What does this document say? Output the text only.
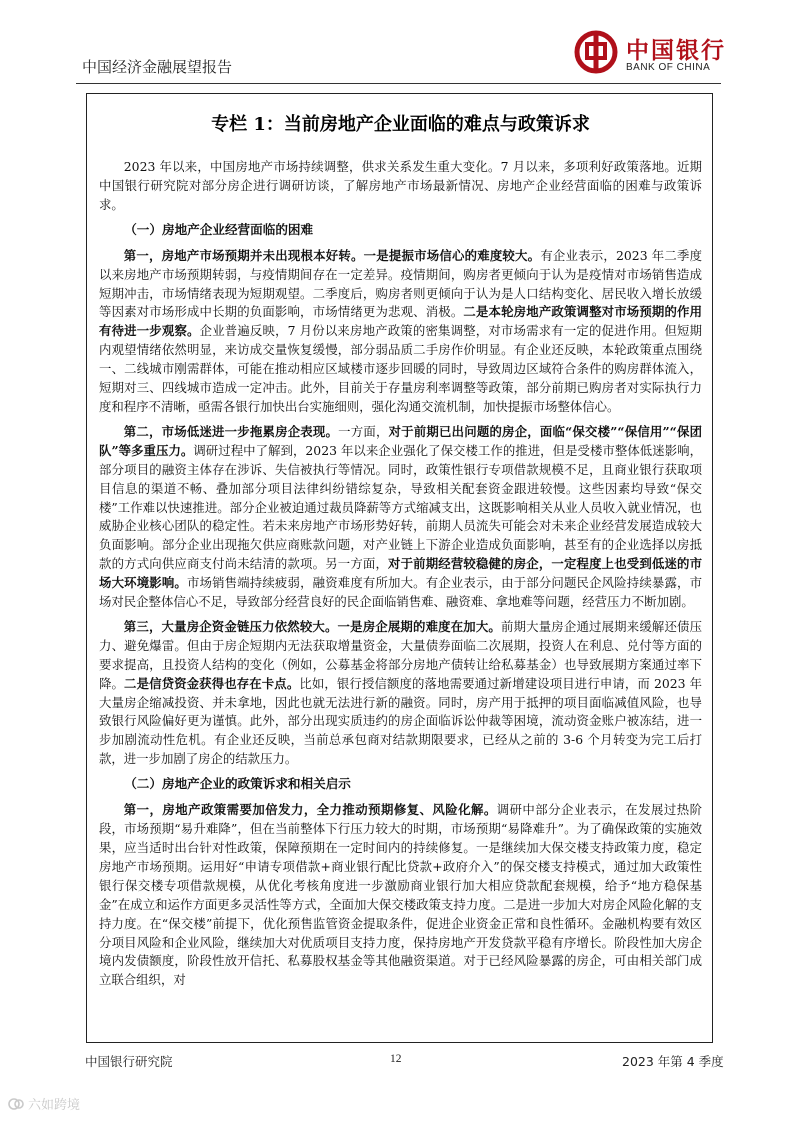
中国经济金融展望报告
中国银行
BANK OF CHINA
专栏 1：当前房地产企业面临的难点与政策诉求

2023 年以来，中国房地产市场持续调整，供求关系发生重大变化。7 月以来，多项利好政策落地。近期中国银行研究院对部分房企进行调研访谈，了解房地产市场最新情况、房地产企业经营面临的困难与政策诉求。

（一）房地产企业经营面临的困难

第一，房地产市场预期并未出现根本好转。一是提振市场信心的难度较大。有企业表示，2023 年二季度以来房地产市场预期转弱，与疫情期间存在一定差异。疫情期间，购房者更倾向于认为是疫情对市场销售造成短期冲击，市场情绪表现为短期观望。二季度后，购房者则更倾向于认为是人口结构变化、居民收入增长放缓等因素对市场形成中长期的负面影响，市场情绪更为悲观、消极。二是本轮房地产政策调整对市场预期的作用有待进一步观察。企业普遍反映，7 月份以来房地产政策的密集调整，对市场需求有一定的促进作用。但短期内观望情绪依然明显，来访成交量恢复缓慢，部分弱品质二手房作价明显。有企业还反映，本轮政策重点围绕一、二线城市刚需群体，可能在推动相应区域楼市逐步回暖的同时，导致周边区域符合条件的购房群体流入，短期对三、四线城市造成一定冲击。此外，目前关于存量房利率调整等政策，部分前期已购房者对实际执行力度和程序不清晰，亟需各银行加快出台实施细则，强化沟通交流机制，加快提振市场整体信心。

第二，市场低迷进一步拖累房企表现。一方面，对于前期已出问题的房企，面临“保交楼”“保信用”“保团队”等多重压力。调研过程中了解到，2023 年以来企业强化了保交楼工作的推进，但是受楼市整体低迷影响，部分项目的融资主体存在涉诉、失信被执行等情况。同时，政策性银行专项借款规模不足，且商业银行获取项目信息的渠道不畅、叠加部分项目法律纠纷错综复杂，导致相关配套资金跟进较慢。这些因素均导致“保交楼”工作难以快速推进。部分企业被迫通过裁员降薪等方式缩减支出，这既影响相关从业人员收入就业情况，也威胁企业核心团队的稳定性。若未来房地产市场形势好转，前期人员流失可能会对未来企业经营发展造成较大负面影响。部分企业出现拖欠供应商账款问题，对产业链上下游企业造成负面影响，甚至有的企业选择以房抵款的方式向供应商支付尚未结清的款项。另一方面，对于前期经营较稳健的房企，一定程度上也受到低迷的市场大环境影响。市场销售端持续疲弱，融资难度有所加大。有企业表示，由于部分问题民企风险持续暴露，市场对民企整体信心不足，导致部分经营良好的民企面临销售难、融资难、拿地难等问题，经营压力不断加剧。

第三，大量房企资金链压力依然较大。一是房企展期的难度在加大。前期大量房企通过展期来缓解还债压力、避免爆雷。但由于房企短期内无法获取增量资金，大量债券面临二次展期，投资人在利息、兑付等方面的要求提高，且投资人结构的变化（例如，公募基金将部分房地产债转让给私募基金）也导致展期方案通过率下降。二是信贷资金获得也存在卡点。比如，银行授信额度的落地需要通过新增建设项目进行申请，而 2023 年大量房企缩减投资、并未拿地，因此也就无法进行新的融资。同时，房产用于抵押的项目面临减值风险，也导致银行风险偏好更为谨慎。此外，部分出现实质违约的房企面临诉讼仲裁等困境，流动资金账户被冻结，进一步加剧流动性危机。有企业还反映，当前总承包商对结款期限要求，已经从之前的 3-6 个月转变为完工后打款，进一步加剧了房企的结款压力。

（二）房地产企业的政策诉求和相关启示

第一，房地产政策需要加倍发力，全力推动预期修复、风险化解。调研中部分企业表示，在发展过热阶段，市场预期“易升难降”，但在当前整体下行压力较大的时期，市场预期“易降难升”。为了确保政策的实施效果，应当适时出台针对性政策，保障预期在一定时间内的持续修复。一是继续加大保交楼支持政策力度，稳定房地产市场预期。运用好“申请专项借款+商业银行配比贷款+政府介入”的保交楼支持模式，通过加大政策性银行保交楼专项借款规模，从优化考核角度进一步激励商业银行加大相应贷款配套规模，给予“地方稳保基金”在成立和运作方面更多灵活性等方式，全面加大保交楼政策支持力度。二是进一步加大对房企风险化解的支持力度。在“保交楼”前提下，优化预售监管资金提取条件，促进企业资金正常和良性循环。金融机构要有效区分项目风险和企业风险，继续加大对优质项目支持力度，保持房地产开发贷款平稳有序增长。阶段性加大房企境内发债额度，阶段性放开信托、私募股权基金等其他融资渠道。对于已经风险暴露的房企，可由相关部门成立联合组织，对

中国银行研究院	12	2023 年第 4 季度
六如跨境
